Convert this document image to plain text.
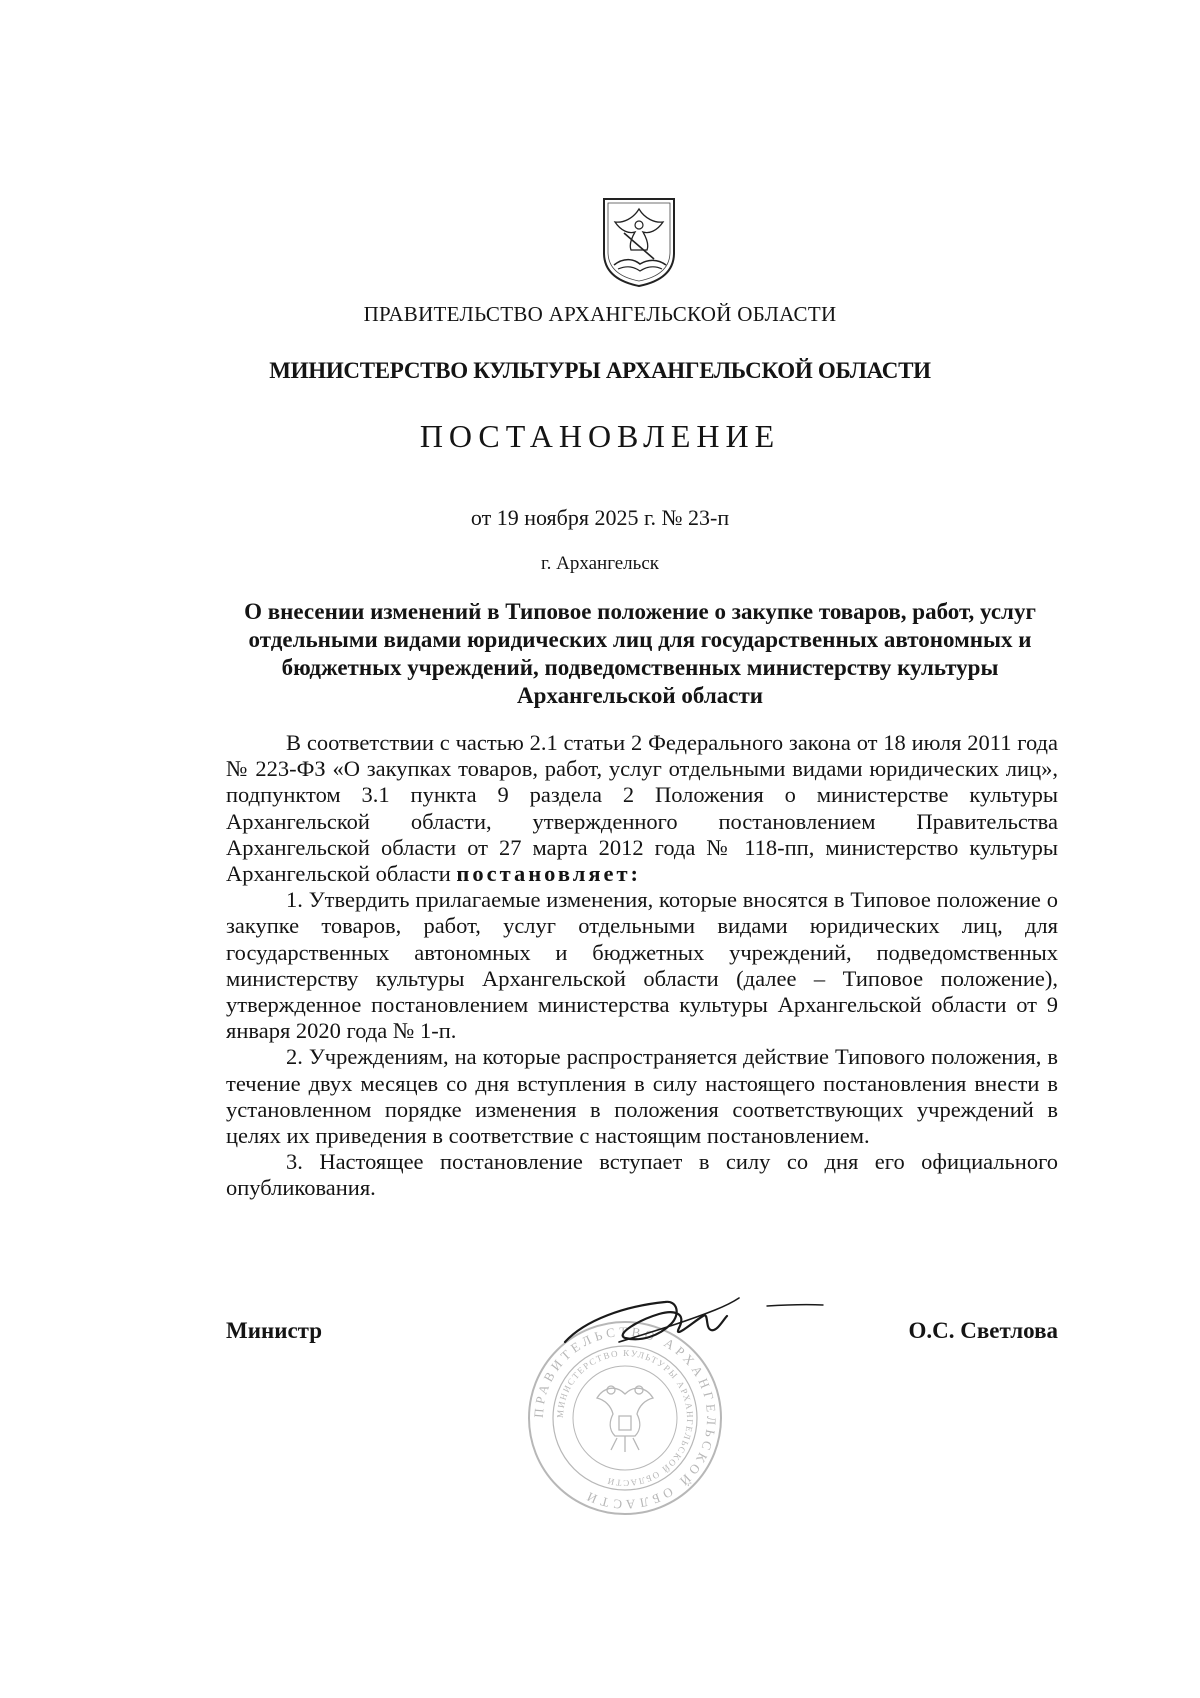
ПРАВИТЕЛЬСТВО АРХАНГЕЛЬСКОЙ ОБЛАСТИ
МИНИСТЕРСТВО КУЛЬТУРЫ АРХАНГЕЛЬСКОЙ ОБЛАСТИ
ПОСТАНОВЛЕНИЕ
от 19 ноября 2025 г. № 23-п
г. Архангельск
О внесении изменений в Типовое положение о закупке товаров, работ, услуг отдельными видами юридических лиц для государственных автономных и бюджетных учреждений, подведомственных министерству культуры Архангельской области

В соответствии с частью 2.1 статьи 2 Федерального закона от 18 июля 2011 года № 223-ФЗ «О закупках товаров, работ, услуг отдельными видами юридических лиц», подпунктом 3.1 пункта 9 раздела 2 Положения о министерстве культуры Архангельской области, утвержденного постановлением Правительства Архангельской области от 27 марта 2012 года № 118-пп, министерство культуры Архангельской области постановляет:

1. Утвердить прилагаемые изменения, которые вносятся в Типовое положение о закупке товаров, работ, услуг отдельными видами юридических лиц, для государственных автономных и бюджетных учреждений, подведомственных министерству культуры Архангельской области (далее – Типовое положение), утвержденное постановлением министерства культуры Архангельской области от 9 января 2020 года № 1-п.

2. Учреждениям, на которые распространяется действие Типового положения, в течение двух месяцев со дня вступления в силу настоящего постановления внести в установленном порядке изменения в положения соответствующих учреждений в целях их приведения в соответствие с настоящим постановлением.

3. Настоящее постановление вступает в силу со дня его официального опубликования.

ПРАВИТЕЛЬСТВО АРХАНГЕЛЬСКОЙ ОБЛАСТИ
МИНИСТЕРСТВО КУЛЬТУРЫ АРХАНГЕЛЬСКОЙ ОБЛАСТИ
Министр	О.С. Светлова
